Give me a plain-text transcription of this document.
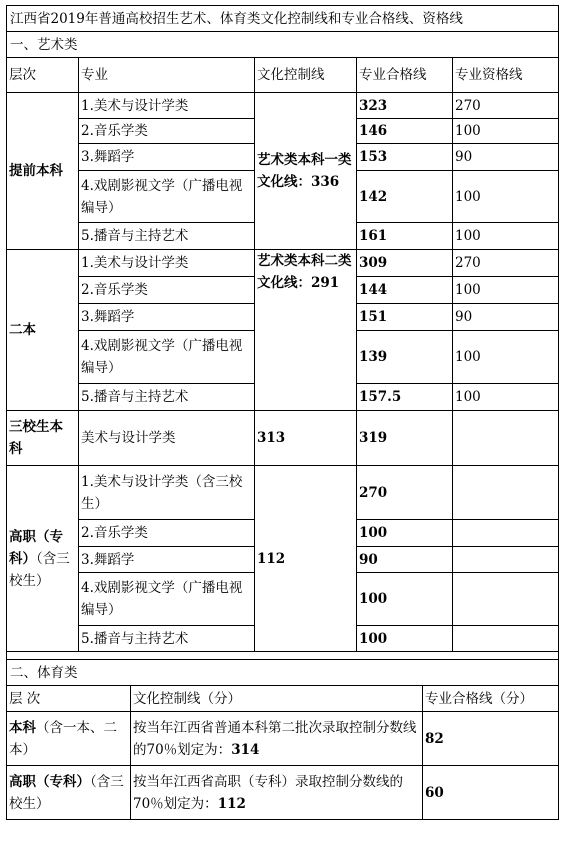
江西省2019年普通高校招生艺术、体育类文化控制线和专业合格线、资格线				
一、艺术类				
层次	专业	文化控制线	专业合格线	专业资格线
提前本科	1.美术与设计学类	艺术类本科一类文化线：336	323	270
	2.音乐学类		146	100
	3.舞蹈学		153	90
	4.戏剧影视文学（广播电视编导）		142	100
	5.播音与主持艺术		161	100
二本	1.美术与设计学类	艺术类本科二类文化线：291	309	270
	2.音乐学类		144	100
	3.舞蹈学		151	90
	4.戏剧影视文学（广播电视编导）		139	100
	5.播音与主持艺术		157.5	100
三校生本科	美术与设计学类	313	319	
高职（专科）（含三校生）	1.美术与设计学类（含三校生）	112	270	
	2.音乐学类		100	
	3.舞蹈学		90	
	4.戏剧影视文学（广播电视编导）		100	
	5.播音与主持艺术		100	

二、体育类		
层 次	文化控制线（分）	专业合格线（分）
本科（含一本、二本）	按当年江西省普通本科第二批次录取控制分数线的70％划定为：314	82
高职（专科）（含三校生）	按当年江西省高职（专科）录取控制分数线的70％划定为：112	60
